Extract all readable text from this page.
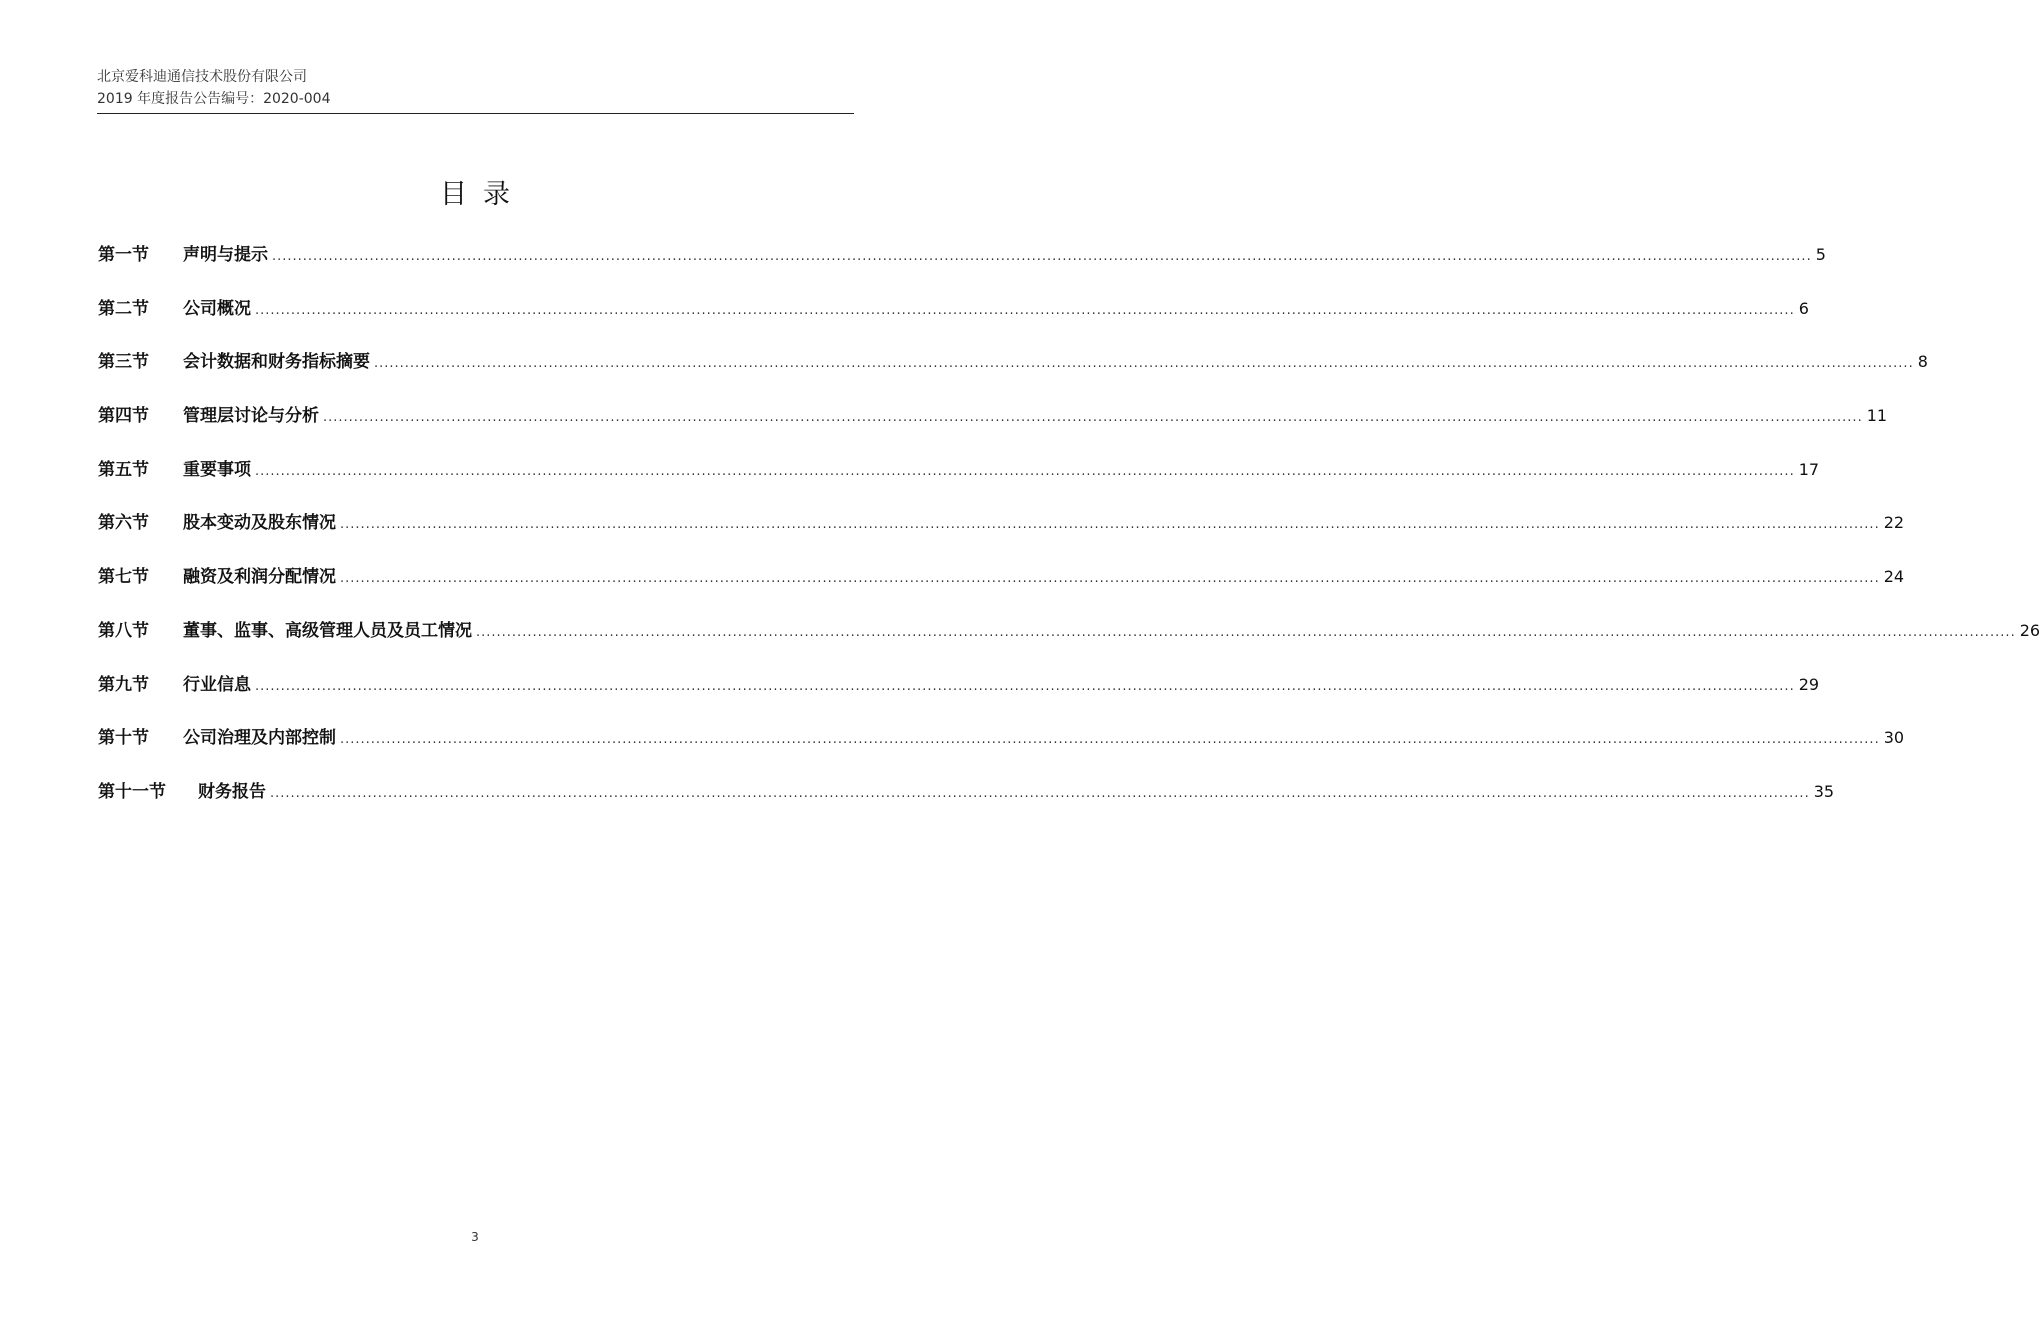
北京爱科迪通信技术股份有限公司
2019 年度报告公告编号：2020-004
目录
第一节	声明与提示 ............................................................................................................................................................................................................................................................................................................ 5
第二节	公司概况 ............................................................................................................................................................................................................................................................................................................ 6
第三节	会计数据和财务指标摘要 ............................................................................................................................................................................................................................................................................................................ 8
第四节	管理层讨论与分析 ............................................................................................................................................................................................................................................................................................................ 11
第五节	重要事项 ............................................................................................................................................................................................................................................................................................................ 17
第六节	股本变动及股东情况 ............................................................................................................................................................................................................................................................................................................ 22
第七节	融资及利润分配情况 ............................................................................................................................................................................................................................................................................................................ 24
第八节	董事、监事、高级管理人员及员工情况 ............................................................................................................................................................................................................................................................................................................ 26
第九节	行业信息 ............................................................................................................................................................................................................................................................................................................ 29
第十节	公司治理及内部控制 ............................................................................................................................................................................................................................................................................................................ 30
第十一节	财务报告 ............................................................................................................................................................................................................................................................................................................ 35
3
